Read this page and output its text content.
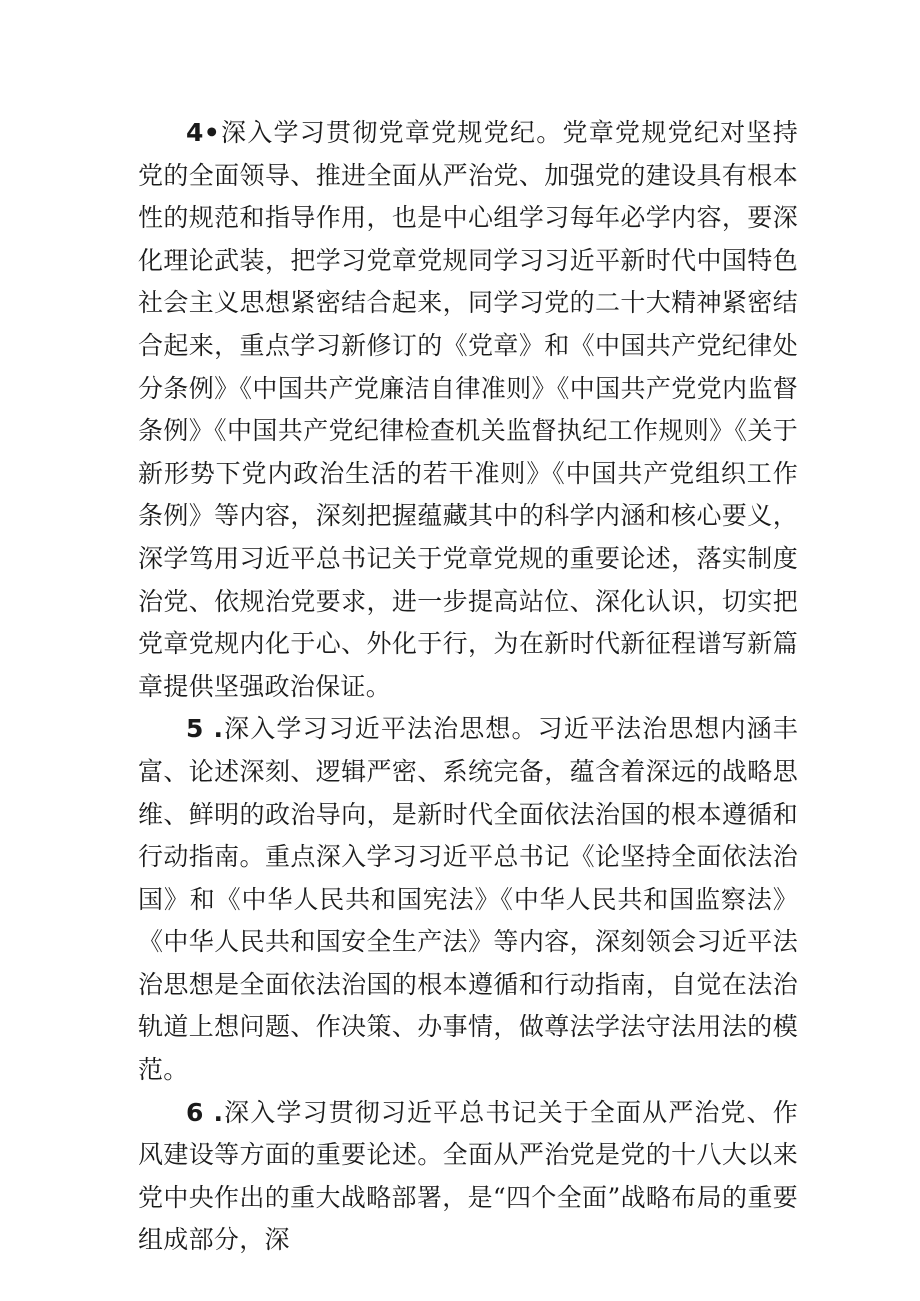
4•深入学习贯彻党章党规党纪。党章党规党纪对坚持党的全面领导、推进全面从严治党、加强党的建设具有根本性的规范和指导作用，也是中心组学习每年必学内容，要深化理论武装，把学习党章党规同学习习近平新时代中国特色社会主义思想紧密结合起来，同学习党的二十大精神紧密结合起来，重点学习新修订的《党章》和《中国共产党纪律处分条例》《中国共产党廉洁自律准则》《中国共产党党内监督条例》《中国共产党纪律检查机关监督执纪工作规则》《关于新形势下党内政治生活的若干准则》《中国共产党组织工作条例》等内容，深刻把握蕴藏其中的科学内涵和核心要义，深学笃用习近平总书记关于党章党规的重要论述，落实制度治党、依规治党要求，进一步提高站位、深化认识，切实把党章党规内化于心、外化于行，为在新时代新征程谱写新篇章提供坚强政治保证。

5 .深入学习习近平法治思想。习近平法治思想内涵丰富、论述深刻、逻辑严密、系统完备，蕴含着深远的战略思维、鲜明的政治导向，是新时代全面依法治国的根本遵循和行动指南。重点深入学习习近平总书记《论坚持全面依法治国》和《中华人民共和国宪法》《中华人民共和国监察法》《中华人民共和国安全生产法》等内容，深刻领会习近平法治思想是全面依法治国的根本遵循和行动指南，自觉在法治轨道上想问题、作决策、办事情，做尊法学法守法用法的模范。

6 .深入学习贯彻习近平总书记关于全面从严治党、作风建设等方面的重要论述。全面从严治党是党的十八大以来党中央作出的重大战略部署，是“四个全面”战略布局的重要组成部分，深
